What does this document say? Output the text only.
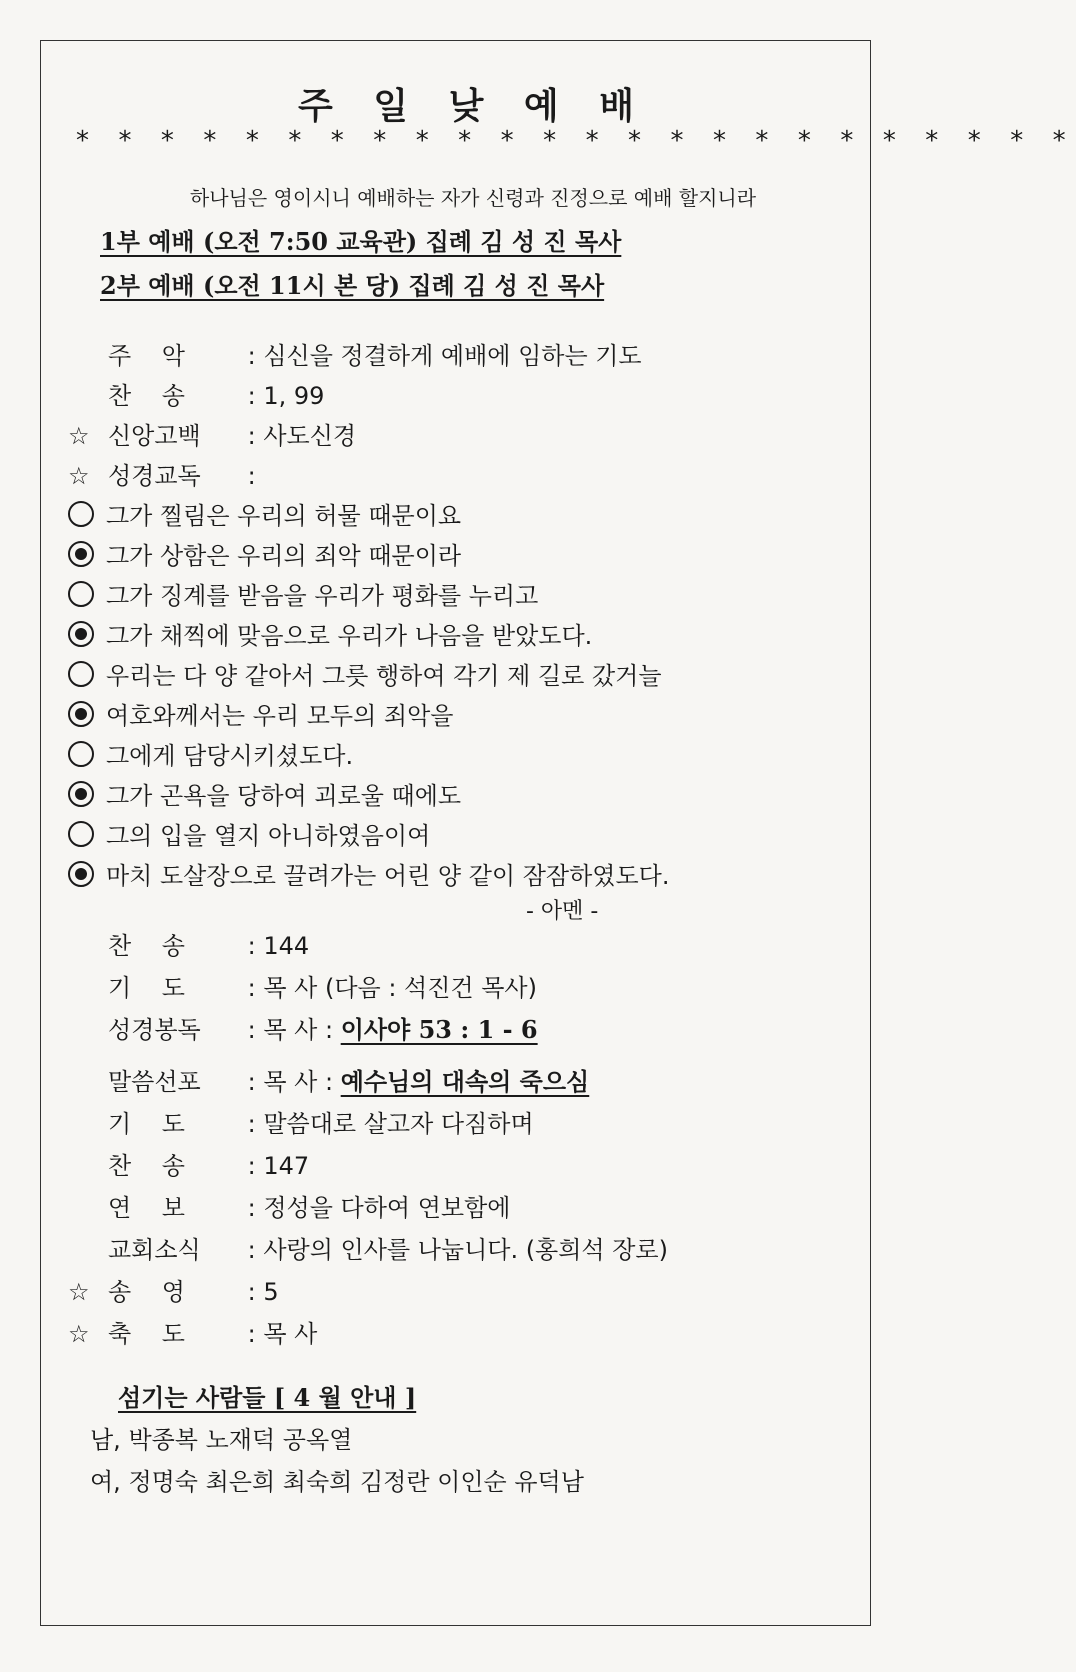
주 일 낮 예 배
* * * * * * * * * * * * * * * * * * * * * * * *
하나님은 영이시니 예배하는 자가 신령과 진정으로 예배 할지니라
1부 예배 (오전 7:50 교육관) 집례 김 성 진 목사
2부 예배 (오전 11시 본 당) 집례 김 성 진 목사
주    악 : 심신을 정결하게 예배에 임하는 기도
찬    송 : 1, 99
☆ 신앙고백 : 사도신경
☆ 성경교독 :
그가 찔림은 우리의 허물 때문이요
그가 상함은 우리의 죄악 때문이라
그가 징계를 받음을 우리가 평화를 누리고
그가 채찍에 맞음으로 우리가 나음을 받았도다.
우리는 다 양 같아서 그릇 행하여 각기 제 길로 갔거늘
여호와께서는 우리 모두의 죄악을
그에게 담당시키셨도다.
그가 곤욕을 당하여 괴로울 때에도
그의 입을 열지 아니하였음이여
마치 도살장으로 끌려가는 어린 양 같이 잠잠하였도다.
- 아멘 -
찬    송 : 144
기    도 : 목 사 (다음 : 석진건 목사)
성경봉독 : 목 사 : 이사야 53 : 1 - 6
말씀선포 : 목 사 : 예수님의 대속의 죽으심
기    도 : 말씀대로 살고자 다짐하며
찬    송 : 147
연    보 : 정성을 다하여 연보함에
교회소식 : 사랑의 인사를 나눕니다. (홍희석 장로)
☆ 송    영 : 5
☆ 축    도 : 목 사
섬기는 사람들 [ 4 월 안내 ]
남, 박종복 노재덕 공옥열
여, 정명숙 최은희 최숙희 김정란 이인순 유덕남
